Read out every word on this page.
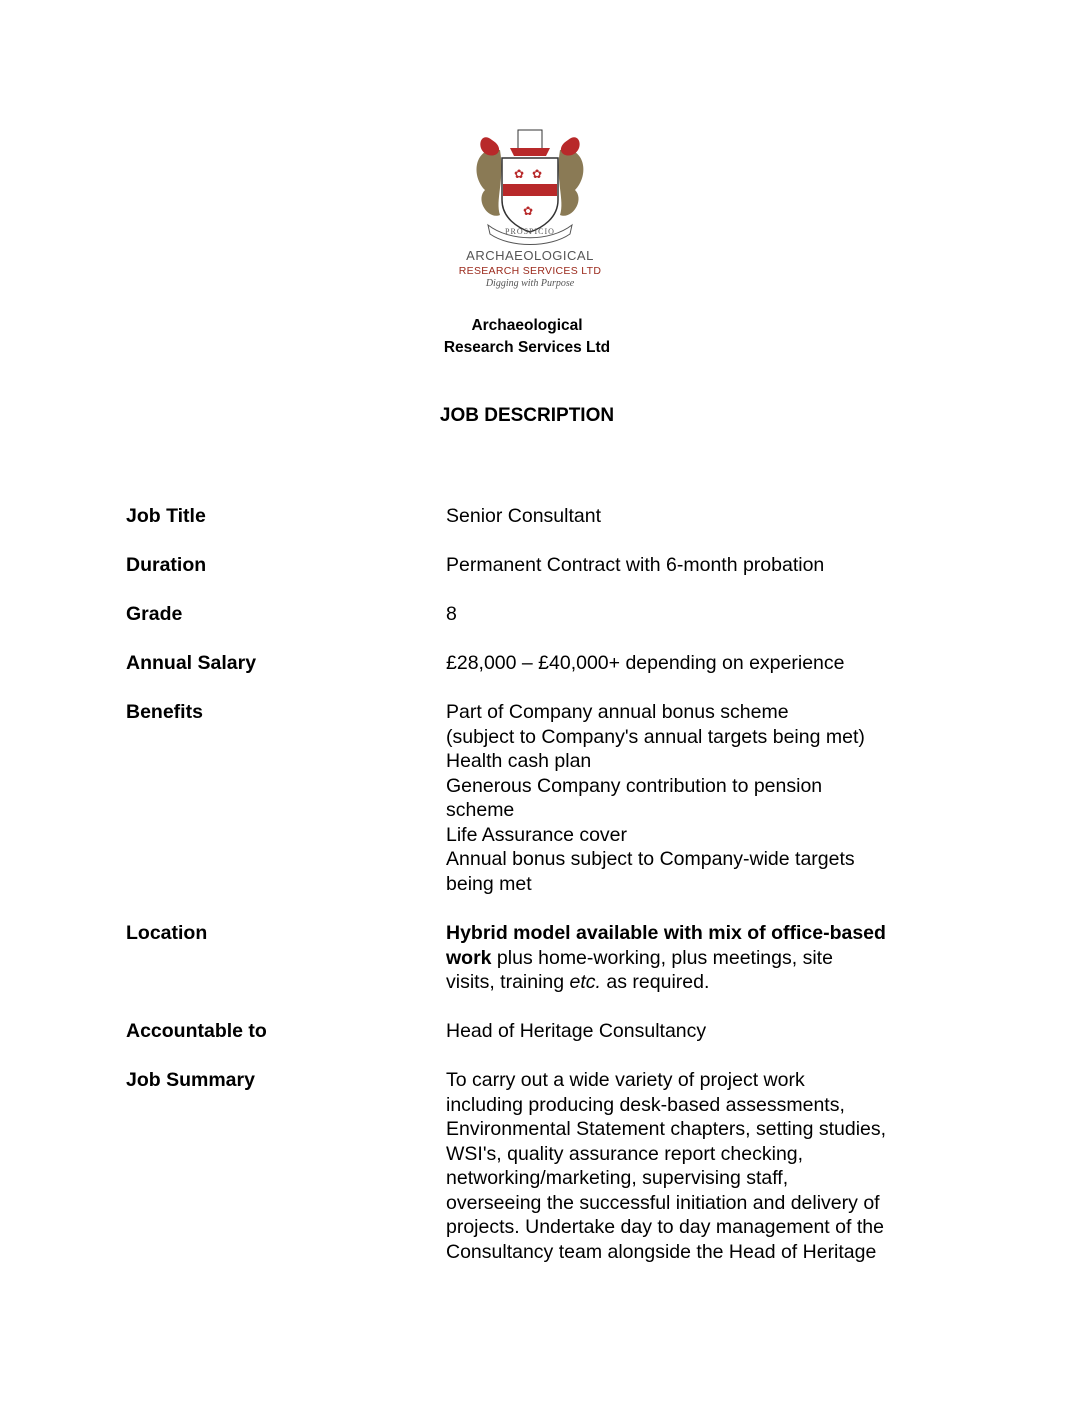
✿ ✿
✿
PROSPICIO
ARCHAEOLOGICAL
RESEARCH SERVICES LTD
Digging with Purpose
Archaeological
Research Services Ltd
JOB DESCRIPTION
Job Title	Senior Consultant
Duration	Permanent Contract with 6-month probation
Grade	8
Annual Salary	£28,000 – £40,000+ depending on experience
Benefits	Part of Company annual bonus scheme
(subject to Company's annual targets being met)
Health cash plan
Generous Company contribution to pension
scheme
Life Assurance cover
Annual bonus subject to Company-wide targets
being met
Location	Hybrid model available with mix of office-based
work plus home-working, plus meetings, site
visits, training etc. as required.
Accountable to	Head of Heritage Consultancy
Job Summary	To carry out a wide variety of project work
including producing desk-based assessments,
Environmental Statement chapters, setting studies,
WSI's, quality assurance report checking,
networking/marketing, supervising staff,
overseeing the successful initiation and delivery of
projects. Undertake day to day management of the
Consultancy team alongside the Head of Heritage
